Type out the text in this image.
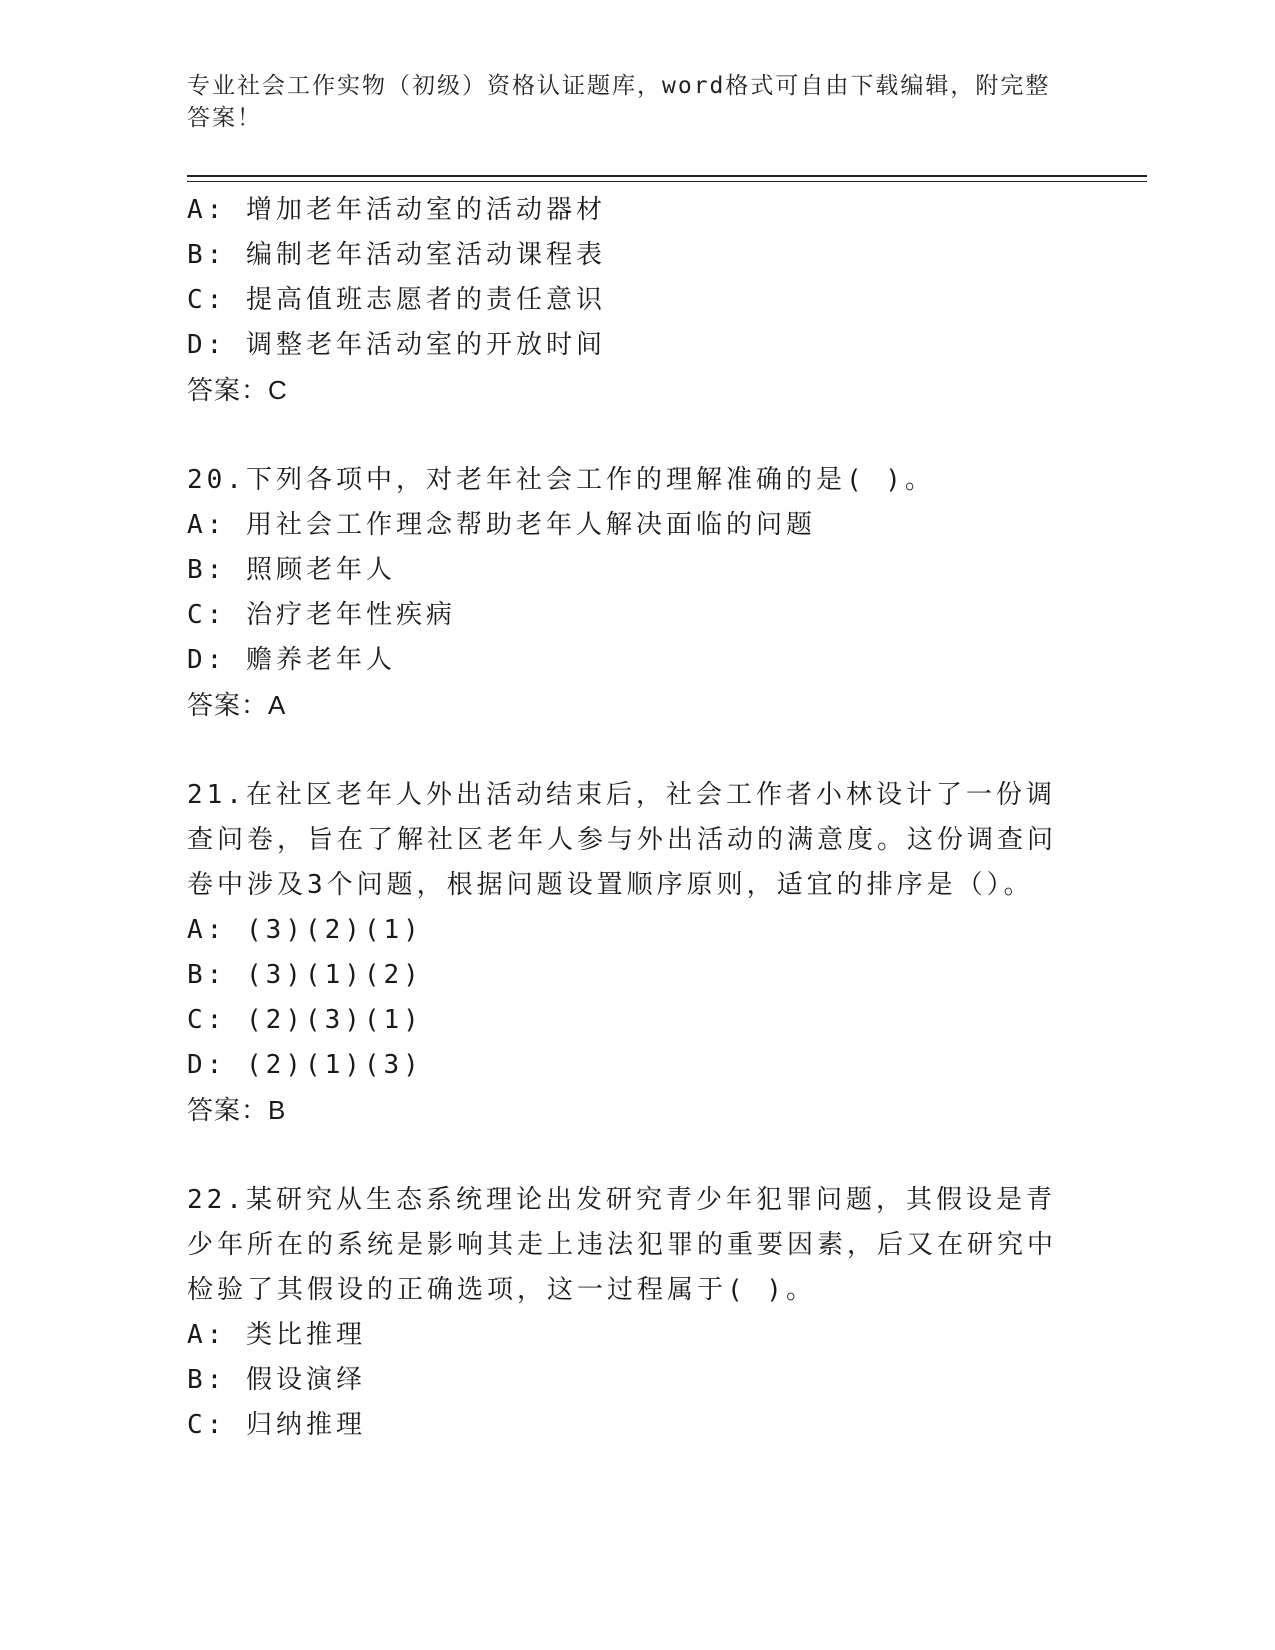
专业社会工作实物（初级）资格认证题库，word格式可自由下载编辑，附完整答案！
A: 增加老年活动室的活动器材
B: 编制老年活动室活动课程表
C: 提高值班志愿者的责任意识
D: 调整老年活动室的开放时间
答案：C
20.下列各项中，对老年社会工作的理解准确的是( )。
A: 用社会工作理念帮助老年人解决面临的问题
B: 照顾老年人
C: 治疗老年性疾病
D: 赡养老年人
答案：A
21.在社区老年人外出活动结束后，社会工作者小林设计了一份调查问卷，旨在了解社区老年人参与外出活动的满意度。这份调查问卷中涉及3个问题，根据问题设置顺序原则，适宜的排序是（）。
A: (3)(2)(1)
B: (3)(1)(2)
C: (2)(3)(1)
D: (2)(1)(3)
答案：B
22.某研究从生态系统理论出发研究青少年犯罪问题，其假设是青少年所在的系统是影响其走上违法犯罪的重要因素，后又在研究中检验了其假设的正确选项，这一过程属于( )。
A: 类比推理
B: 假设演绎
C: 归纳推理
